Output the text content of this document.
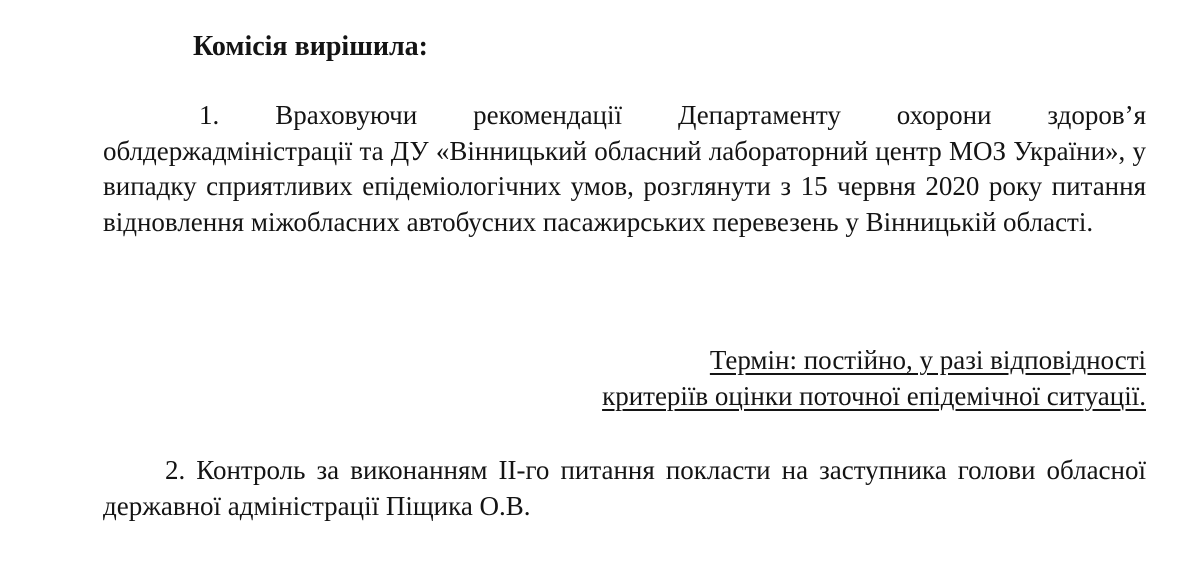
Комісія вирішила:
1. Враховуючи рекомендації Департаменту охорони здоров’я облдержадміністрації та ДУ «Вінницький обласний лабораторний центр МОЗ України», у випадку сприятливих епідеміологічних умов, розглянути з 15 червня 2020 року питання відновлення міжобласних автобусних пасажирських перевезень у Вінницькій області.
Термін: постійно, у разі відповідності
критеріїв оцінки поточної епідемічної ситуації.
2. Контроль за виконанням ІІ-го питання покласти на заступника голови обласної державної адміністрації Піщика О.В.
